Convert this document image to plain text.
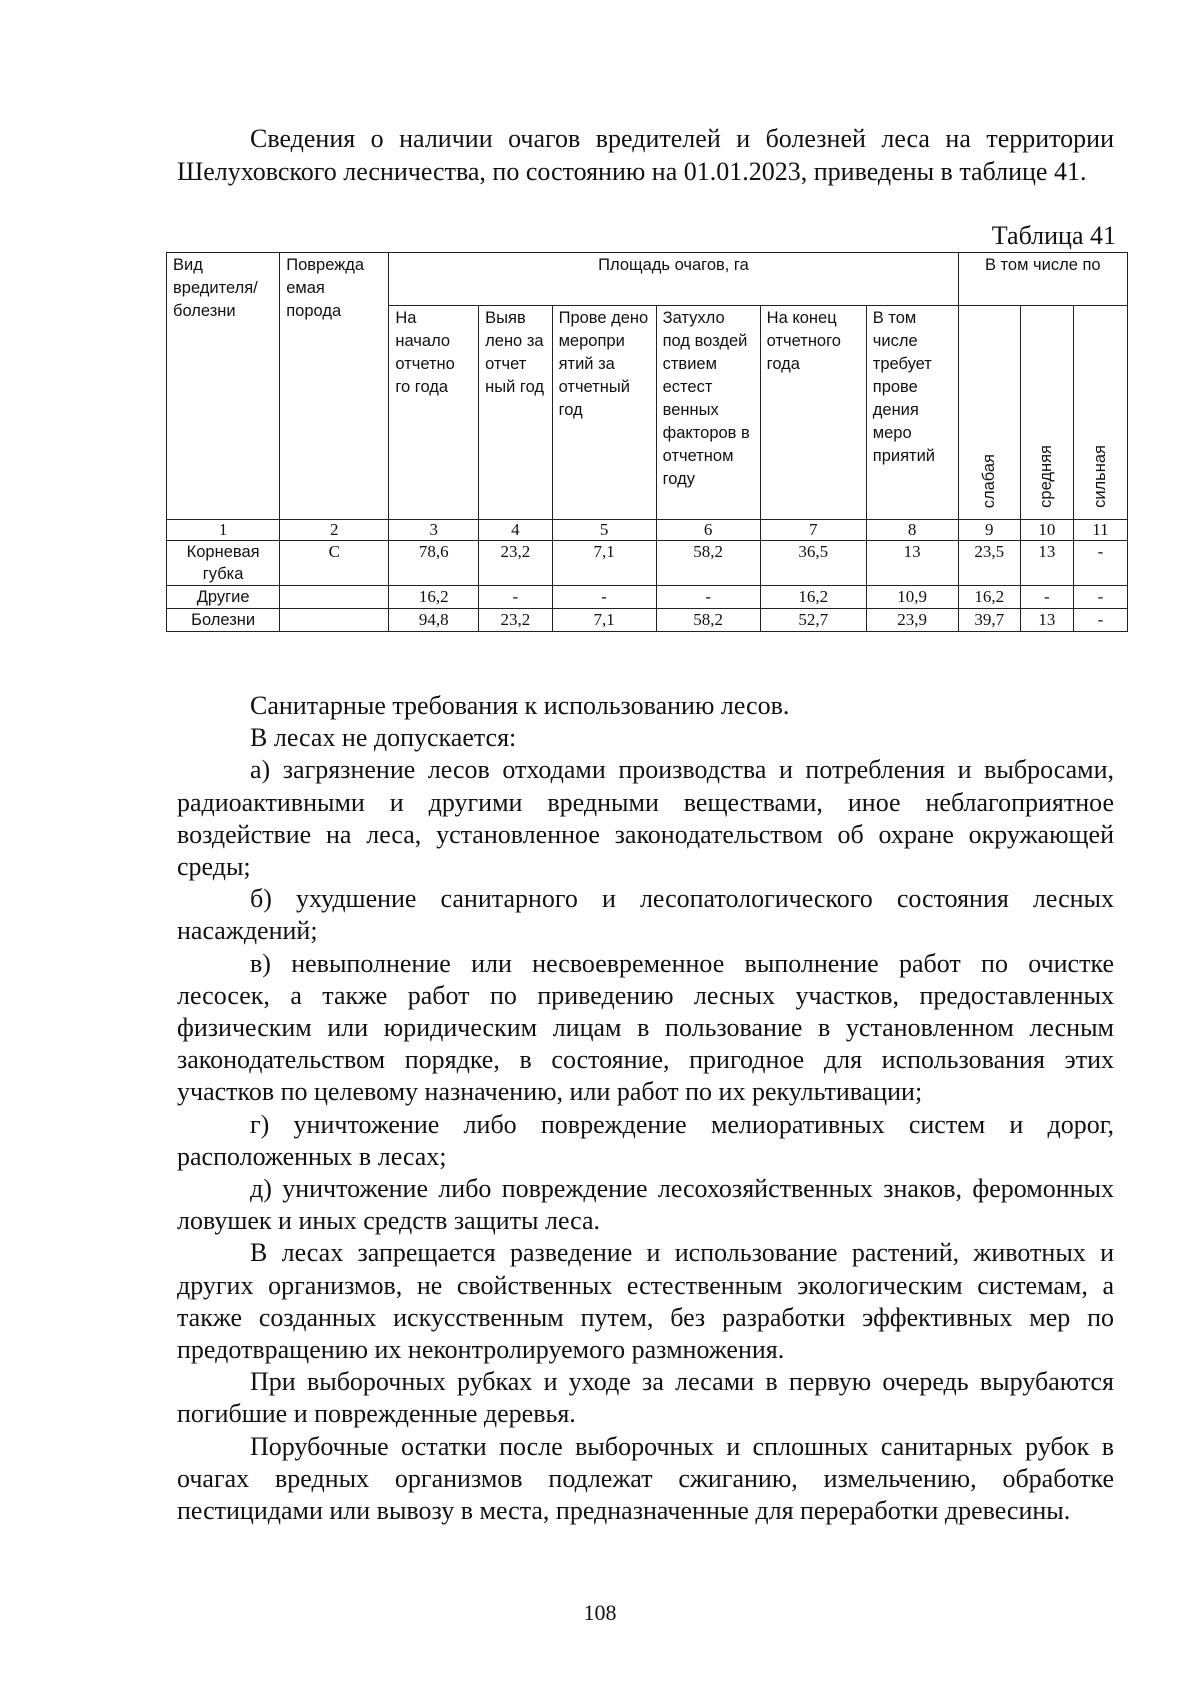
Сведения о наличии очагов вредителей и болезней леса на территории Шелуховского лесничества, по состоянию на 01.01.2023, приведены в таблице 41.

Таблица 41

Вид вредителя/ болезни	Поврежда емая порода	Площадь очагов, га						В том числе по		
		На начало отчетно го года	Выяв лено за отчет ный год	Прове дено меропри ятий за отчетный год	Затухло под воздей ствием естест венных факторов в отчетном году	На конец отчетного года	В том числе требует прове дения меро приятий	слабая	средняя	сильная
1	2	3	4	5	6	7	8	9	10	11
Корневая губка	С	78,6	23,2	7,1	58,2	36,5	13	23,5	13	-
Другие		16,2	-	-	-	16,2	10,9	16,2	-	-
Болезни		94,8	23,2	7,1	58,2	52,7	23,9	39,7	13	-

Санитарные требования к использованию лесов.

В лесах не допускается:

а) загрязнение лесов отходами производства и потребления и выбросами, радиоактивными и другими вредными веществами, иное неблагоприятное воздействие на леса, установленное законодательством об охране окружающей среды;

б) ухудшение санитарного и лесопатологического состояния лесных насаждений;

в) невыполнение или несвоевременное выполнение работ по очистке лесосек, а также работ по приведению лесных участков, предоставленных физическим или юридическим лицам в пользование в установленном лесным законодательством порядке, в состояние, пригодное для использования этих участков по целевому назначению, или работ по их рекультивации;

г) уничтожение либо повреждение мелиоративных систем и дорог, расположенных в лесах;

д) уничтожение либо повреждение лесохозяйственных знаков, феромонных ловушек и иных средств защиты леса.

В лесах запрещается разведение и использование растений, животных и других организмов, не свойственных естественным экологическим системам, а также созданных искусственным путем, без разработки эффективных мер по предотвращению их неконтролируемого размножения.

При выборочных рубках и уходе за лесами в первую очередь вырубаются погибшие и поврежденные деревья.

Порубочные остатки после выборочных и сплошных санитарных рубок в очагах вредных организмов подлежат сжиганию, измельчению, обработке пестицидами или вывозу в места, предназначенные для переработки древесины.

108
